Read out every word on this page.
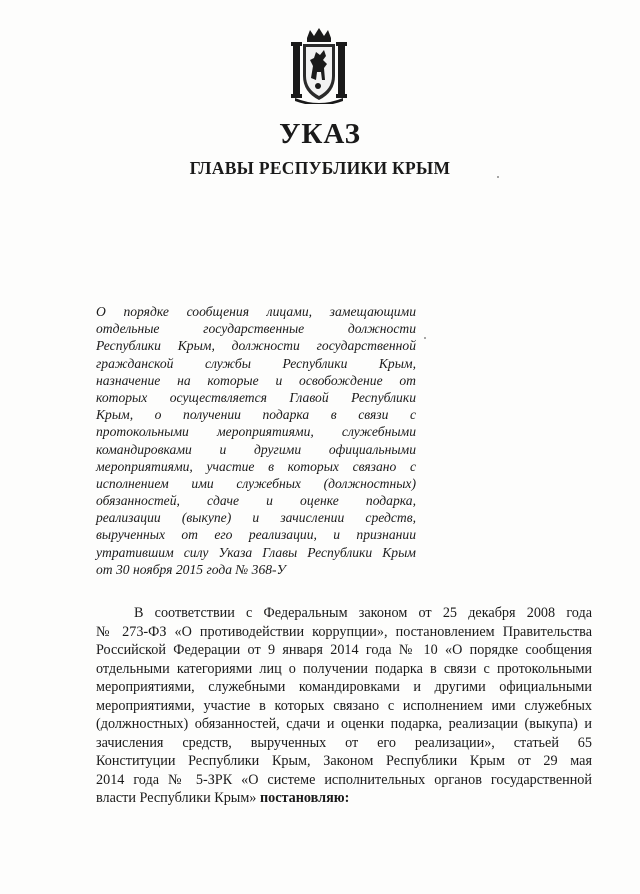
УКАЗ
ГЛАВЫ РЕСПУБЛИКИ КРЫМ
О порядке сообщения лицами, замещающими
отдельные государственные должности
Республики Крым, должности государственной
гражданской службы Республики Крым,
назначение на которые и освобождение от
которых осуществляется Главой Республики
Крым, о получении подарка в связи с
протокольными мероприятиями, служебными
командировками и другими официальными
мероприятиями, участие в которых связано с
исполнением ими служебных (должностных)
обязанностей, сдаче и оценке подарка,
реализации (выкупе) и зачислении средств,
вырученных от его реализации, и признании
утратившим силу Указа Главы Республики Крым
от 30 ноября 2015 года № 368-У
В соответствии с Федеральным законом от 25 декабря 2008 года
№ 273-ФЗ «О противодействии коррупции», постановлением Правительства
Российской Федерации от 9 января 2014 года № 10 «О порядке сообщения
отдельными категориями лиц о получении подарка в связи с протокольными
мероприятиями, служебными командировками и другими официальными
мероприятиями, участие в которых связано с исполнением ими служебных
(должностных) обязанностей, сдачи и оценки подарка, реализации (выкупа) и
зачисления средств, вырученных от его реализации», статьей 65
Конституции Республики Крым, Законом Республики Крым от 29 мая
2014 года № 5-ЗРК «О системе исполнительных органов государственной
власти Республики Крым» постановляю:
